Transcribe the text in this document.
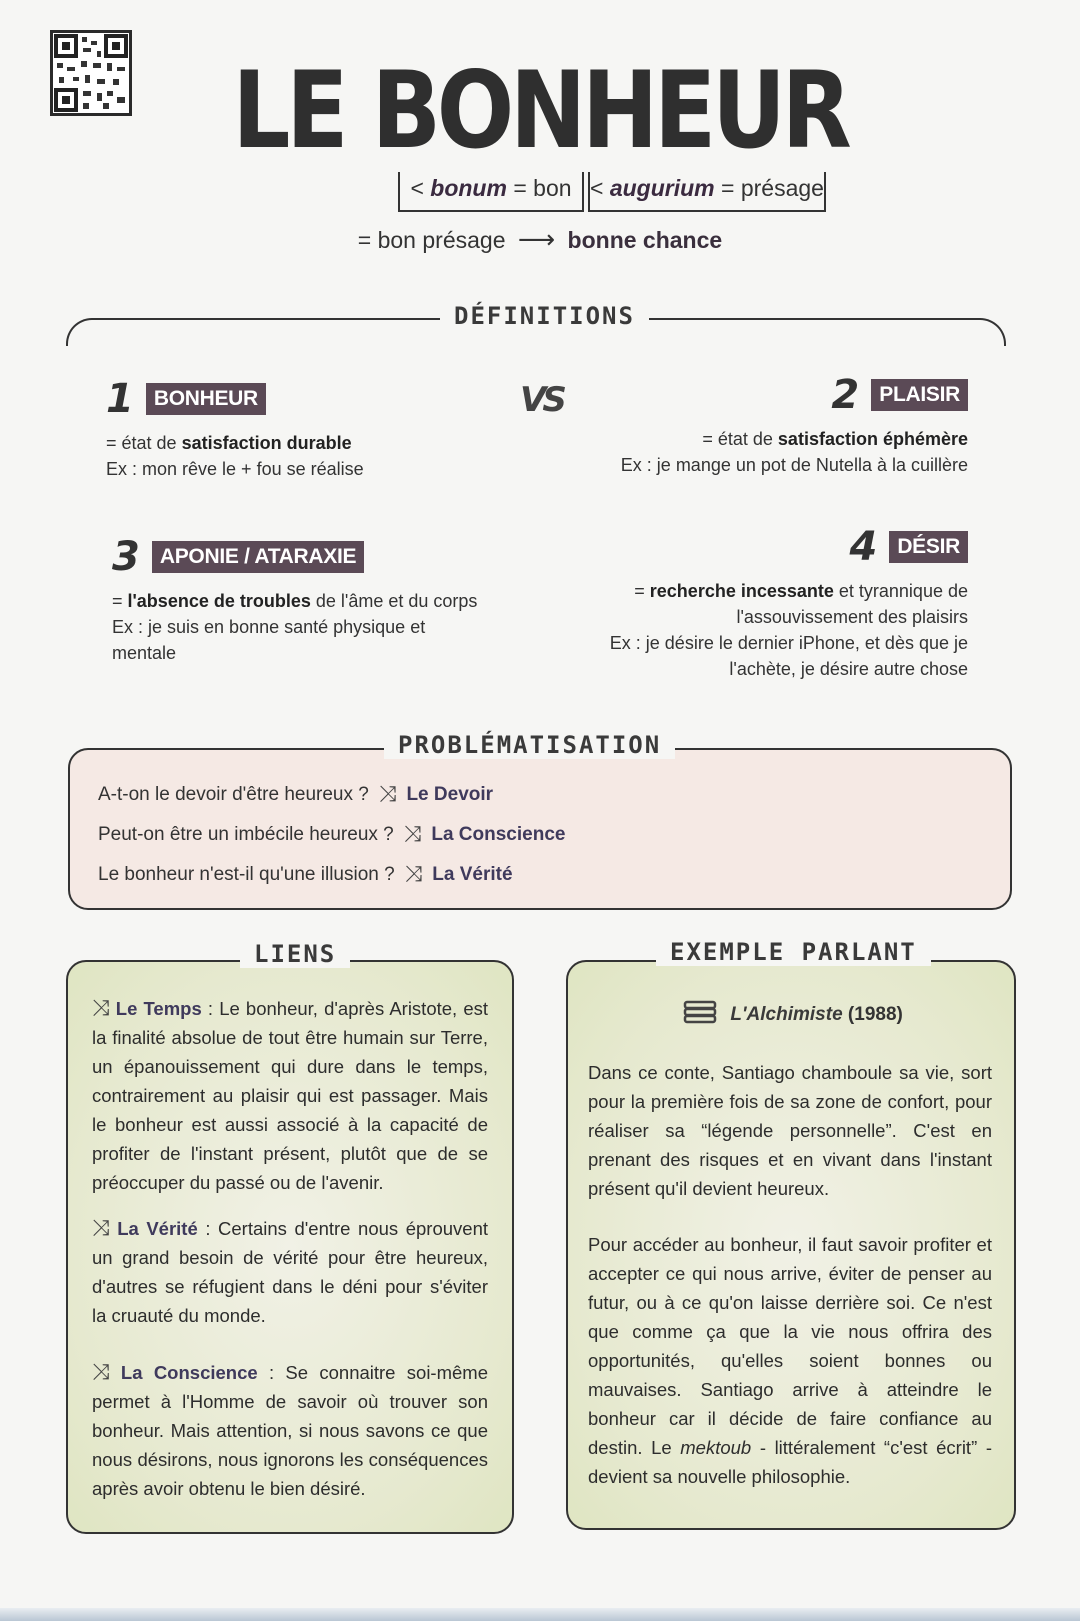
LE BONHEUR
< bonum = bon < augurium = présage
= bon présage ⟶ bonne chance
DÉFINITIONS
VS
1 BONHEUR
= état de satisfaction durable
Ex : mon rêve le + fou se réalise
2 PLAISIR
= état de satisfaction éphémère
Ex : je mange un pot de Nutella à la cuillère
3 APONIE / ATARAXIE
= l'absence de troubles de l'âme et du corps
Ex : je suis en bonne santé physique et mentale
4 DÉSIR
= recherche incessante et tyrannique de l'assouvissement des plaisirs
Ex : je désire le dernier iPhone, et dès que je l'achète, je désire autre chose
A-t-on le devoir d'être heureux ? ⤨ Le Devoir
Peut-on être un imbécile heureux ? ⤨ La Conscience
Le bonheur n'est-il qu'une illusion ? ⤨ La Vérité
PROBLÉMATISATION
⤨ Le Temps : Le bonheur, d'après Aristote, est la finalité absolue de tout être humain sur Terre, un épanouissement qui dure dans le temps, contrairement au plaisir qui est passager. Mais le bonheur est aussi associé à la capacité de profiter de l'instant présent, plutôt que de se préoccuper du passé ou de l'avenir.
⤨ La Vérité : Certains d'entre nous éprouvent un grand besoin de vérité pour être heureux, d'autres se réfugient dans le déni pour s'éviter la cruauté du monde.
⤨ La Conscience : Se connaitre soi-même permet à l'Homme de savoir où trouver son bonheur. Mais attention, si nous savons ce que nous désirons, nous ignorons les conséquences après avoir obtenu le bien désiré.
LIENS
L'Alchimiste (1988)
Dans ce conte, Santiago chamboule sa vie, sort pour la première fois de sa zone de confort, pour réaliser sa “légende personnelle”. C'est en prenant des risques et en vivant dans l'instant présent qu'il devient heureux.
Pour accéder au bonheur, il faut savoir profiter et accepter ce qui nous arrive, éviter de penser au futur, ou à ce qu'on laisse derrière soi. Ce n'est que comme ça que la vie nous offrira des opportunités, qu'elles soient bonnes ou mauvaises. Santiago arrive à atteindre le bonheur car il décide de faire confiance au destin. Le mektoub - littéralement “c'est écrit” - devient sa nouvelle philosophie.
EXEMPLE PARLANT
